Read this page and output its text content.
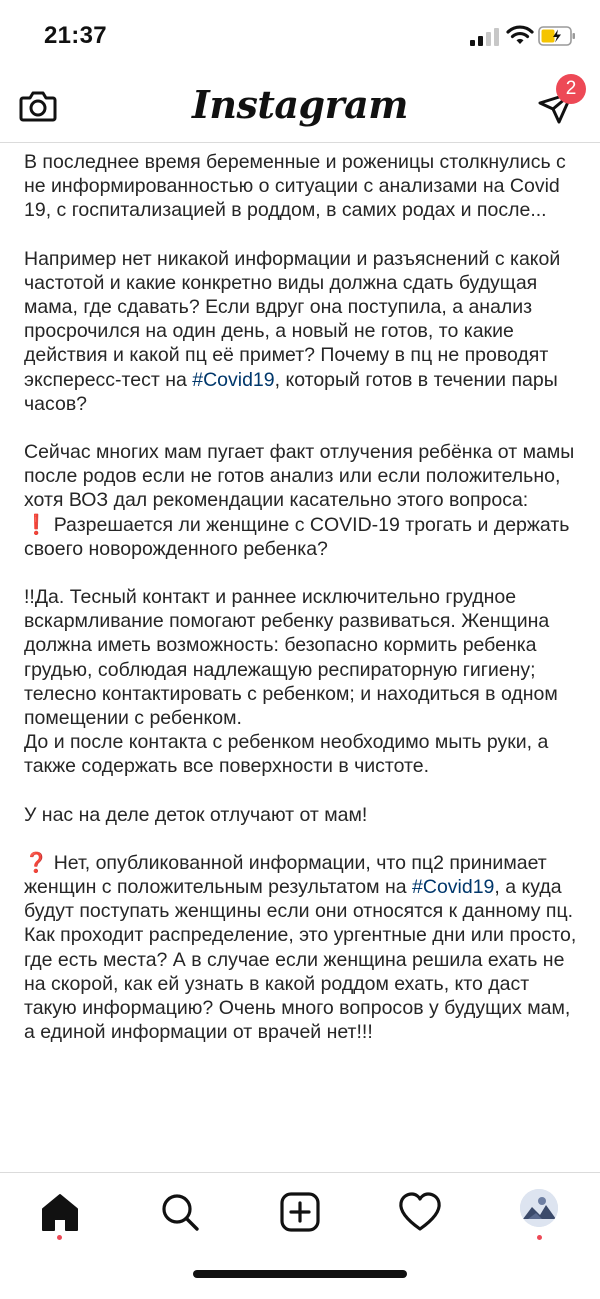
21:37
Instagram	2

В последнее время беременные и роженицы столкнулись с не информированностью о ситуации с анализами на Covid 19, с госпитализацией в роддом, в самих родах и после...

Например нет никакой информации и разъяснений с какой частотой и какие конкретно виды должна сдать будущая мама, где сдавать? Если вдруг она поступила, а анализ просрочился на один день, а новый не готов, то какие действия и какой пц её примет? Почему в пц не проводят экспересс-тест на #Covid19, который готов в течении пары часов?

Сейчас многих мам пугает факт отлучения ребёнка от мамы после родов если не готов анализ или если положительно, хотя ВОЗ дал рекомендации касательно этого вопроса:

❗ Разрешается ли женщине с COVID-19 трогать и держать своего новорожденного ребенка?

!!Да. Тесный контакт и раннее исключительно грудное вскармливание помогают ребенку развиваться. Женщина должна иметь возможность: безопасно кормить ребенка грудью, соблюдая надлежащую респираторную гигиену; телесно контактировать с ребенком; и находиться в одном помещении с ребенком.

До и после контакта с ребенком необходимо мыть руки, а также содержать все поверхности в чистоте.

У нас на деле деток отлучают от мам!

❓ Нет, опубликованной информации, что пц2 принимает женщин с положительным результатом на #Covid19, а куда будут поступать женщины если они относятся к данному пц. Как проходит распределение, это ургентные дни или просто, где есть места? А в случае если женщина решила ехать не на скорой, как ей узнать в какой роддом ехать, кто даст такую информацию? Очень много вопросов у будущих мам, а единой информации от врачей нет!!!
